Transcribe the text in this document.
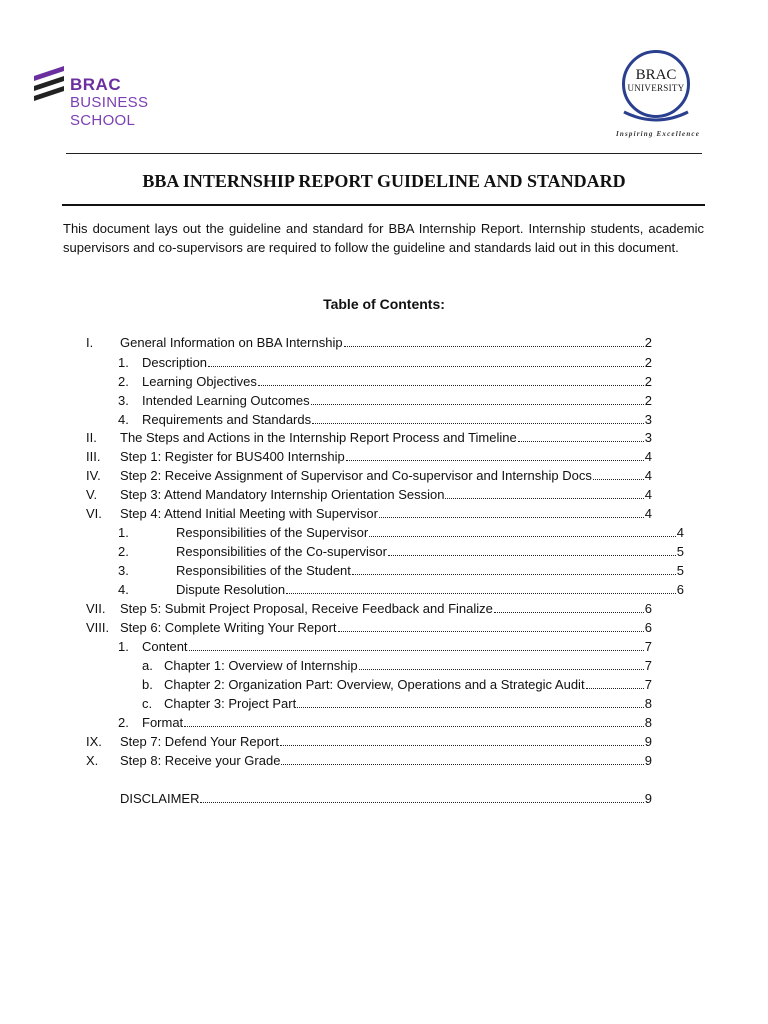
BRAC
BUSINESS
SCHOOL
BRAC
UNIVERSITY
Inspiring Excellence
BBA INTERNSHIP REPORT GUIDELINE AND STANDARD
This document lays out the guideline and standard for BBA Internship Report. Internship students, academic supervisors and co-supervisors are required to follow the guideline and standards laid out in this document.
Table of Contents:
I. General Information on BBA Internship	2
1. Description	2
2. Learning Objectives	2
3. Intended Learning Outcomes	2
4. Requirements and Standards	3
II. The Steps and Actions in the Internship Report Process and Timeline	3
III. Step 1: Register for BUS400 Internship	4
IV. Step 2: Receive Assignment of Supervisor and Co-supervisor and Internship Docs	4
V. Step 3: Attend Mandatory Internship Orientation Session	4
VI. Step 4: Attend Initial Meeting with Supervisor	4
1.	Responsibilities of the Supervisor	4
2.	Responsibilities of the Co-supervisor	5
3.	Responsibilities of the Student	5
4.	Dispute Resolution	6
VII. Step 5: Submit Project Proposal, Receive Feedback and Finalize	6
VIII. Step 6: Complete Writing Your Report	6
1. Content	7
a. Chapter 1: Overview of Internship	7
b. Chapter 2: Organization Part: Overview, Operations and a Strategic Audit	7
c. Chapter 3: Project Part	8
2. Format	8
IX. Step 7: Defend Your Report	9
X. Step 8: Receive your Grade	9
DISCLAIMER	9
